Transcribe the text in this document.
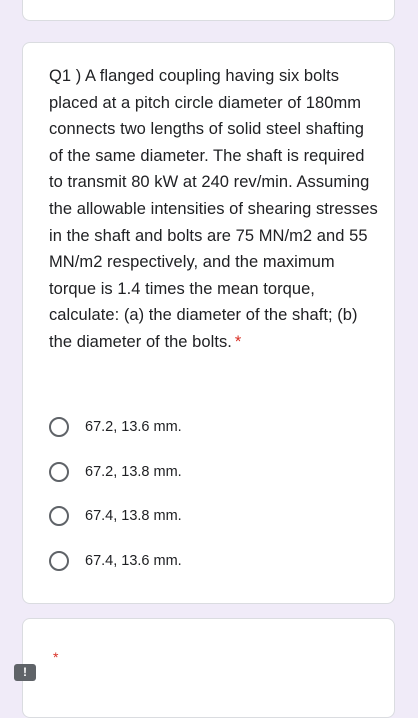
Q1 ) A flanged coupling having six bolts placed at a pitch circle diameter of 180mm connects two lengths of solid steel shafting of the same diameter. The shaft is required to transmit 80 kW at 240 rev/min. Assuming the allowable intensities of shearing stresses in the shaft and bolts are 75 MN/m2 and 55 MN/m2 respectively, and the maximum torque is 1.4 times the mean torque, calculate: (a) the diameter of the shaft; (b) the diameter of the bolts. *
67.2, 13.6 mm.
67.2, 13.8 mm.
67.4, 13.8 mm.
67.4, 13.6 mm.
*
!
